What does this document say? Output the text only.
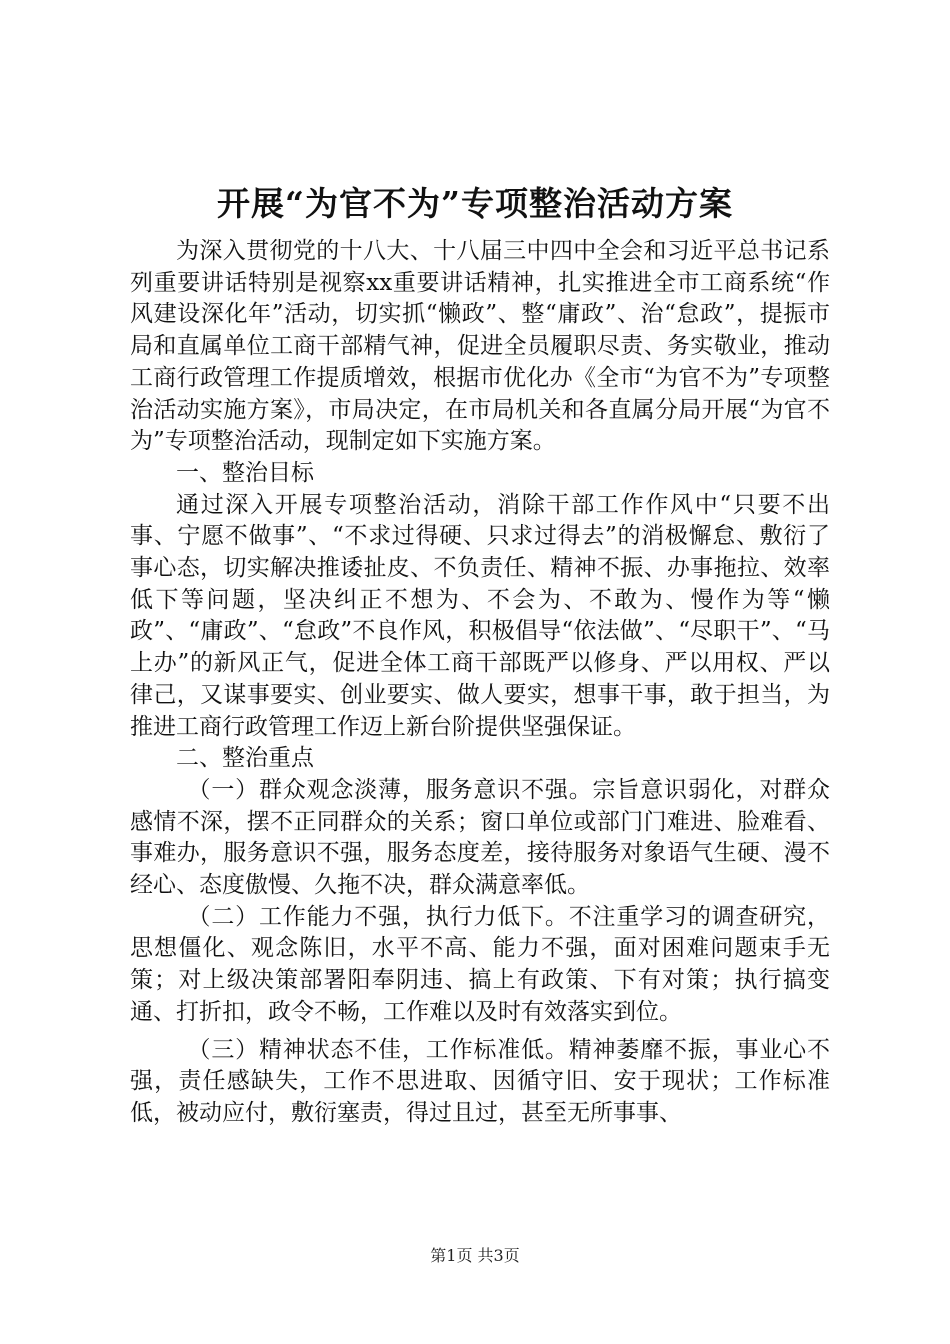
开展“为官不为”专项整治活动方案

为深入贯彻党的十八大、十八届三中四中全会和习近平总书记系列重要讲话特别是视察xx重要讲话精神，扎实推进全市工商系统“作风建设深化年”活动，切实抓“懒政”、整“庸政”、治“怠政”，提振市局和直属单位工商干部精气神，促进全员履职尽责、务实敬业，推动工商行政管理工作提质增效，根据市优化办《全市“为官不为”专项整治活动实施方案》，市局决定，在市局机关和各直属分局开展“为官不为”专项整治活动，现制定如下实施方案。

一、整治目标

通过深入开展专项整治活动，消除干部工作作风中“只要不出事、宁愿不做事”、“不求过得硬、只求过得去”的消极懈怠、敷衍了事心态，切实解决推诿扯皮、不负责任、精神不振、办事拖拉、效率低下等问题，坚决纠正不想为、不会为、不敢为、慢作为等“懒政”、“庸政”、“怠政”不良作风，积极倡导“依法做”、“尽职干”、“马上办”的新风正气，促进全体工商干部既严以修身、严以用权、严以律己，又谋事要实、创业要实、做人要实，想事干事，敢于担当，为推进工商行政管理工作迈上新台阶提供坚强保证。

二、整治重点

（一）群众观念淡薄，服务意识不强。宗旨意识弱化，对群众感情不深，摆不正同群众的关系；窗口单位或部门门难进、脸难看、事难办，服务意识不强，服务态度差，接待服务对象语气生硬、漫不经心、态度傲慢、久拖不决，群众满意率低。

（二）工作能力不强，执行力低下。不注重学习的调查研究，思想僵化、观念陈旧，水平不高、能力不强，面对困难问题束手无策；对上级决策部署阳奉阴违、搞上有政策、下有对策；执行搞变通、打折扣，政令不畅，工作难以及时有效落实到位。

（三）精神状态不佳，工作标准低。精神萎靡不振，事业心不强，责任感缺失，工作不思进取、因循守旧、安于现状；工作标准低，被动应付，敷衍塞责，得过且过，甚至无所事事、

第1页 共3页
